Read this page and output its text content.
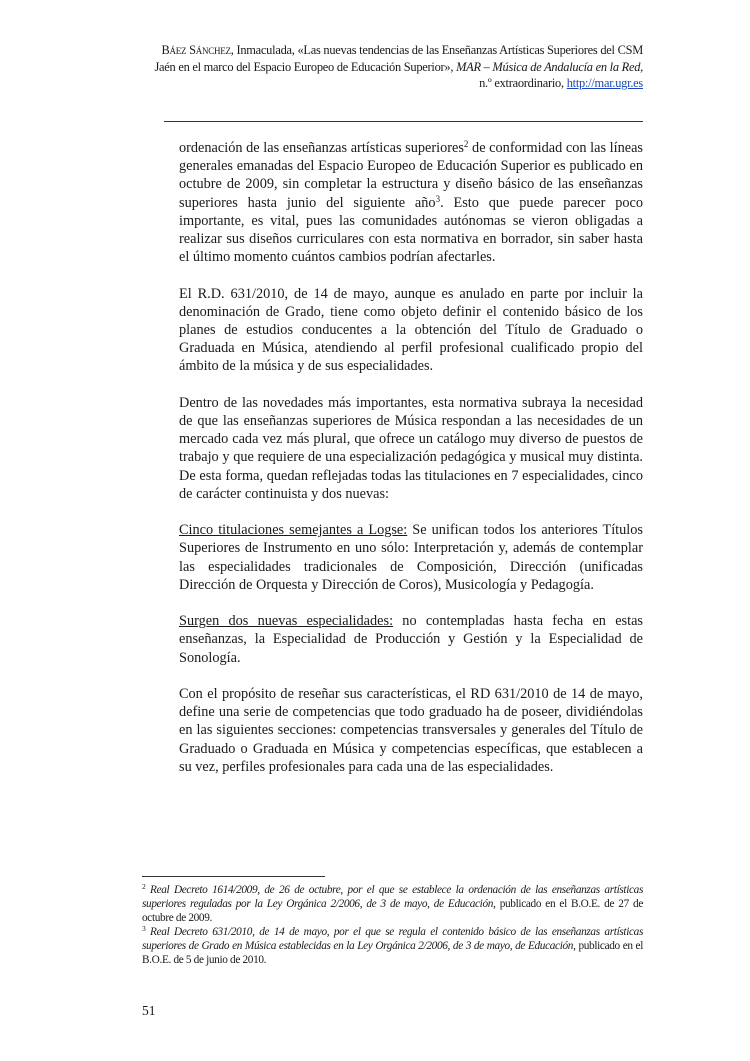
Báez Sánchez, Inmaculada, «Las nuevas tendencias de las Enseñanzas Artísticas Superiores del CSM Jaén en el marco del Espacio Europeo de Educación Superior», MAR – Música de Andalucía en la Red, n.º extraordinario, http://mar.ugr.es

ordenación de las enseñanzas artísticas superiores$^2$ de conformidad con las líneas generales emanadas del Espacio Europeo de Educación Superior es publicado en octubre de 2009, sin completar la estructura y diseño básico de las enseñanzas superiores hasta junio del siguiente año$^3$. Esto que puede parecer poco importante, es vital, pues las comunidades autónomas se vieron obligadas a realizar sus diseños curriculares con esta normativa en borrador, sin saber hasta el último momento cuántos cambios podrían afectarles.

El R.D. 631/2010, de 14 de mayo, aunque es anulado en parte por incluir la denominación de Grado, tiene como objeto definir el contenido básico de los planes de estudios conducentes a la obtención del Título de Graduado o Graduada en Música, atendiendo al perfil profesional cualificado propio del ámbito de la música y de sus especialidades.

Dentro de las novedades más importantes, esta normativa subraya la necesidad de que las enseñanzas superiores de Música respondan a las necesidades de un mercado cada vez más plural, que ofrece un catálogo muy diverso de puestos de trabajo y que requiere de una especialización pedagógica y musical muy distinta. De esta forma, quedan reflejadas todas las titulaciones en 7 especialidades, cinco de carácter continuista y dos nuevas:

Cinco titulaciones semejantes a Logse: Se unifican todos los anteriores Títulos Superiores de Instrumento en uno sólo: Interpretación y, además de contemplar las especialidades tradicionales de Composición, Dirección (unificadas Dirección de Orquesta y Dirección de Coros), Musicología y Pedagogía.

Surgen dos nuevas especialidades: no contempladas hasta fecha en estas enseñanzas, la Especialidad de Producción y Gestión y la Especialidad de Sonología.

Con el propósito de reseñar sus características, el RD 631/2010 de 14 de mayo, define una serie de competencias que todo graduado ha de poseer, dividiéndolas en las siguientes secciones: competencias transversales y generales del Título de Graduado o Graduada en Música y competencias específicas, que establecen a su vez, perfiles profesionales para cada una de las especialidades.

$^2$ Real Decreto 1614/2009, de 26 de octubre, por el que se establece la ordenación de las enseñanzas artísticas superiores reguladas por la Ley Orgánica 2/2006, de 3 de mayo, de Educación, publicado en el B.O.E. de 27 de octubre de 2009.

$^3$ Real Decreto 631/2010, de 14 de mayo, por el que se regula el contenido básico de las enseñanzas artísticas superiores de Grado en Música establecidas en la Ley Orgánica 2/2006, de 3 de mayo, de Educación, publicado en el B.O.E. de 5 de junio de 2010.

51
